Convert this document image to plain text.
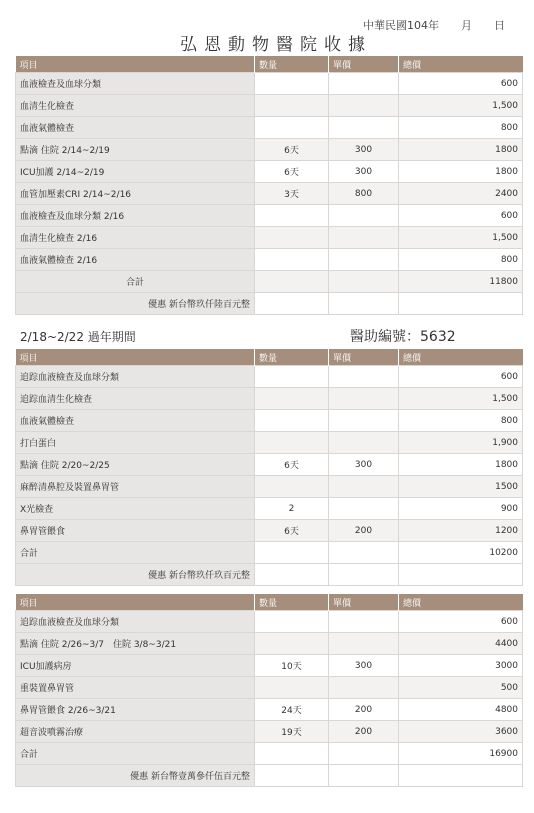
中華民國104年　　月　　日
弘恩動物醫院收據
項目	數量	單價	總價
血液檢查及血球分類			600
血清生化檢查			1,500
血液氣體檢查			800
點滴 住院 2/14~2/19	6天	300	1800
ICU加護 2/14~2/19	6天	300	1800
血管加壓素CRI 2/14~2/16	3天	800	2400
血液檢查及血球分類 2/16			600
血清生化檢查 2/16			1,500
血液氣體檢查 2/16			800
合計			11800
優惠 新台幣玖仟陸百元整			
2/18~2/22 過年期間	醫助編號：5632
項目	數量	單價	總價
追踪血液檢查及血球分類			600
追踪血清生化檢查			1,500
血液氣體檢查			800
打白蛋白			1,900
點滴 住院 2/20~2/25	6天	300	1800
麻醉清鼻腔及裝置鼻胃管			1500
X光檢查	2		900
鼻胃管餵食	6天	200	1200
合計			10200
優惠 新台幣玖仟玖百元整			
項目	數量	單價	總價
追踪血液檢查及血球分類			600
點滴 住院 2/26~3/7　住院 3/8~3/21			4400
ICU加護病房	10天	300	3000
重裝置鼻胃管			500
鼻胃管餵食 2/26~3/21	24天	200	4800
超音波噴霧治療	19天	200	3600
合計			16900
優惠 新台幣壹萬參仟伍百元整			
